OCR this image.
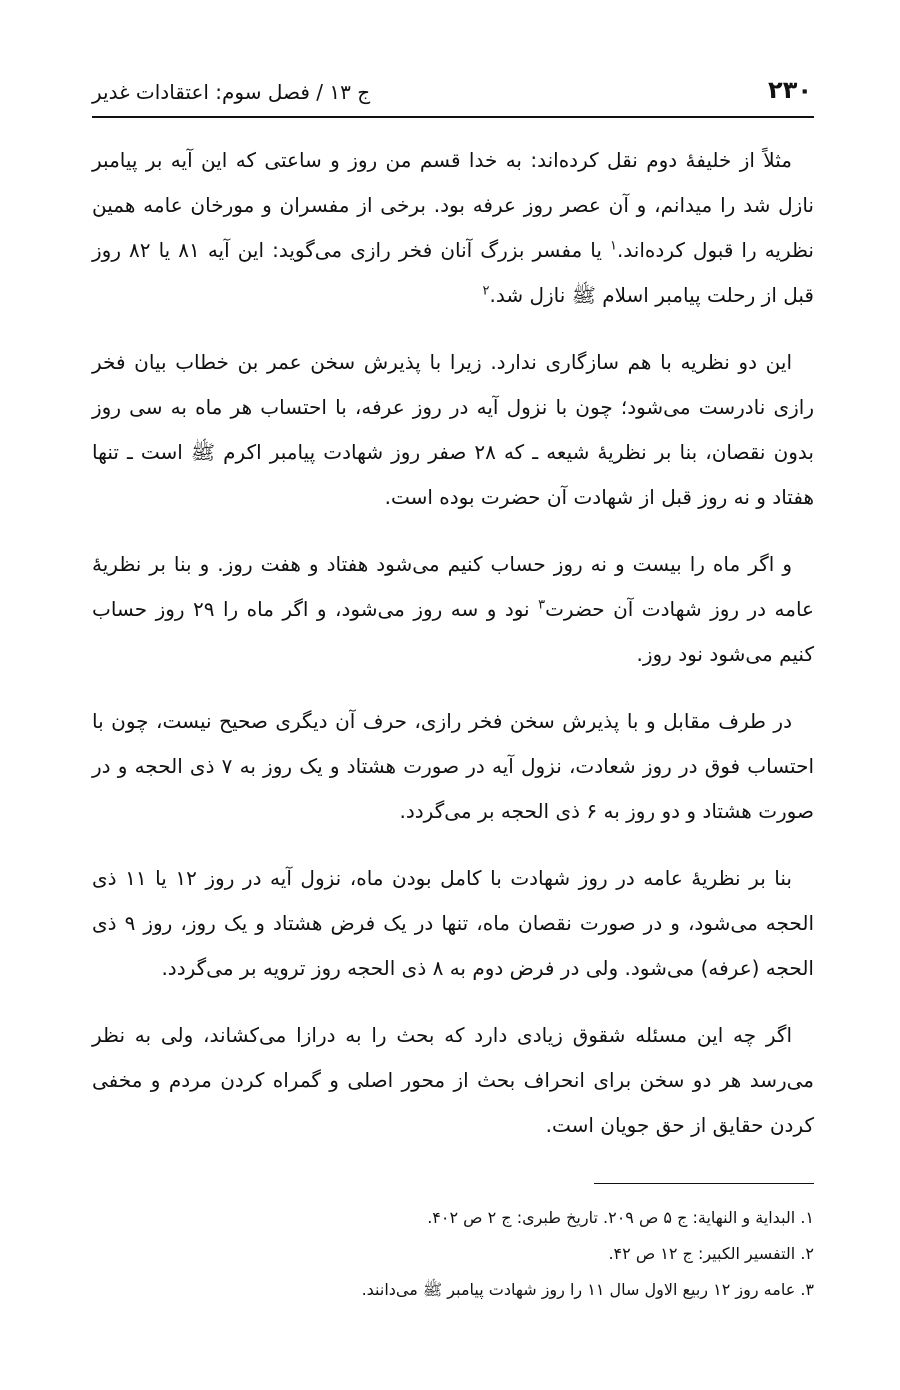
۲۳۰
ج ۱۳ / فصل سوم: اعتقادات غدیر

مثلاً از خلیفهٔ دوم نقل کرده‌اند: به خدا قسم من روز و ساعتی که این آیه بر پیامبر نازل شد را میدانم، و آن عصر روز عرفه بود. برخی از مفسران و مورخان عامه همین نظریه را قبول کرده‌اند.$^۱$ یا مفسر بزرگ آنان فخر رازی می‌گوید: این آیه ۸۱ یا ۸۲ روز قبل از رحلت پیامبر اسلام ﷺ نازل شد.$^۲$

این دو نظریه با هم سازگاری ندارد. زیرا با پذیرش سخن عمر بن خطاب بیان فخر رازی نادرست می‌شود؛ چون با نزول آیه در روز عرفه، با احتساب هر ماه به سی روز بدون نقصان، بنا بر نظریهٔ شیعه ـ که ۲۸ صفر روز شهادت پیامبر اکرم ﷺ است ـ تنها هفتاد و نه روز قبل از شهادت آن حضرت بوده است.

و اگر ماه را بیست و نه روز حساب کنیم می‌شود هفتاد و هفت روز. و بنا بر نظریهٔ عامه در روز شهادت آن حضرت$^۳$ نود و سه روز می‌شود، و اگر ماه را ۲۹ روز حساب کنیم می‌شود نود روز.

در طرف مقابل و با پذیرش سخن فخر رازی، حرف آن دیگری صحیح نیست، چون با احتساب فوق در روز شعادت، نزول آیه در صورت هشتاد و یک روز به ۷ ذی الحجه و در صورت هشتاد و دو روز به ۶ ذی الحجه بر می‌گردد.

بنا بر نظریهٔ عامه در روز شهادت با کامل بودن ماه، نزول آیه در روز ۱۲ یا ۱۱ ذی الحجه می‌شود، و در صورت نقصان ماه، تنها در یک فرض هشتاد و یک روز، روز ۹ ذی الحجه (عرفه) می‌شود. ولی در فرض دوم به ۸ ذی الحجه روز ترویه بر می‌گردد.

اگر چه این مسئله شقوق زیادی دارد که بحث را به درازا می‌کشاند، ولی به نظر می‌رسد هر دو سخن برای انحراف بحث از محور اصلی و گمراه کردن مردم و مخفی کردن حقایق از حق جویان است.

۱. البدایة و النهایة: ج ۵ ص ۲۰۹. تاریخ طبری: ج ۲ ص ۴۰۲.

۲. التفسیر الکبیر: ج ۱۲ ص ۴۲.

۳. عامه روز ۱۲ ربیع الاول سال ۱۱ را روز شهادت پیامبر ﷺ می‌دانند.
